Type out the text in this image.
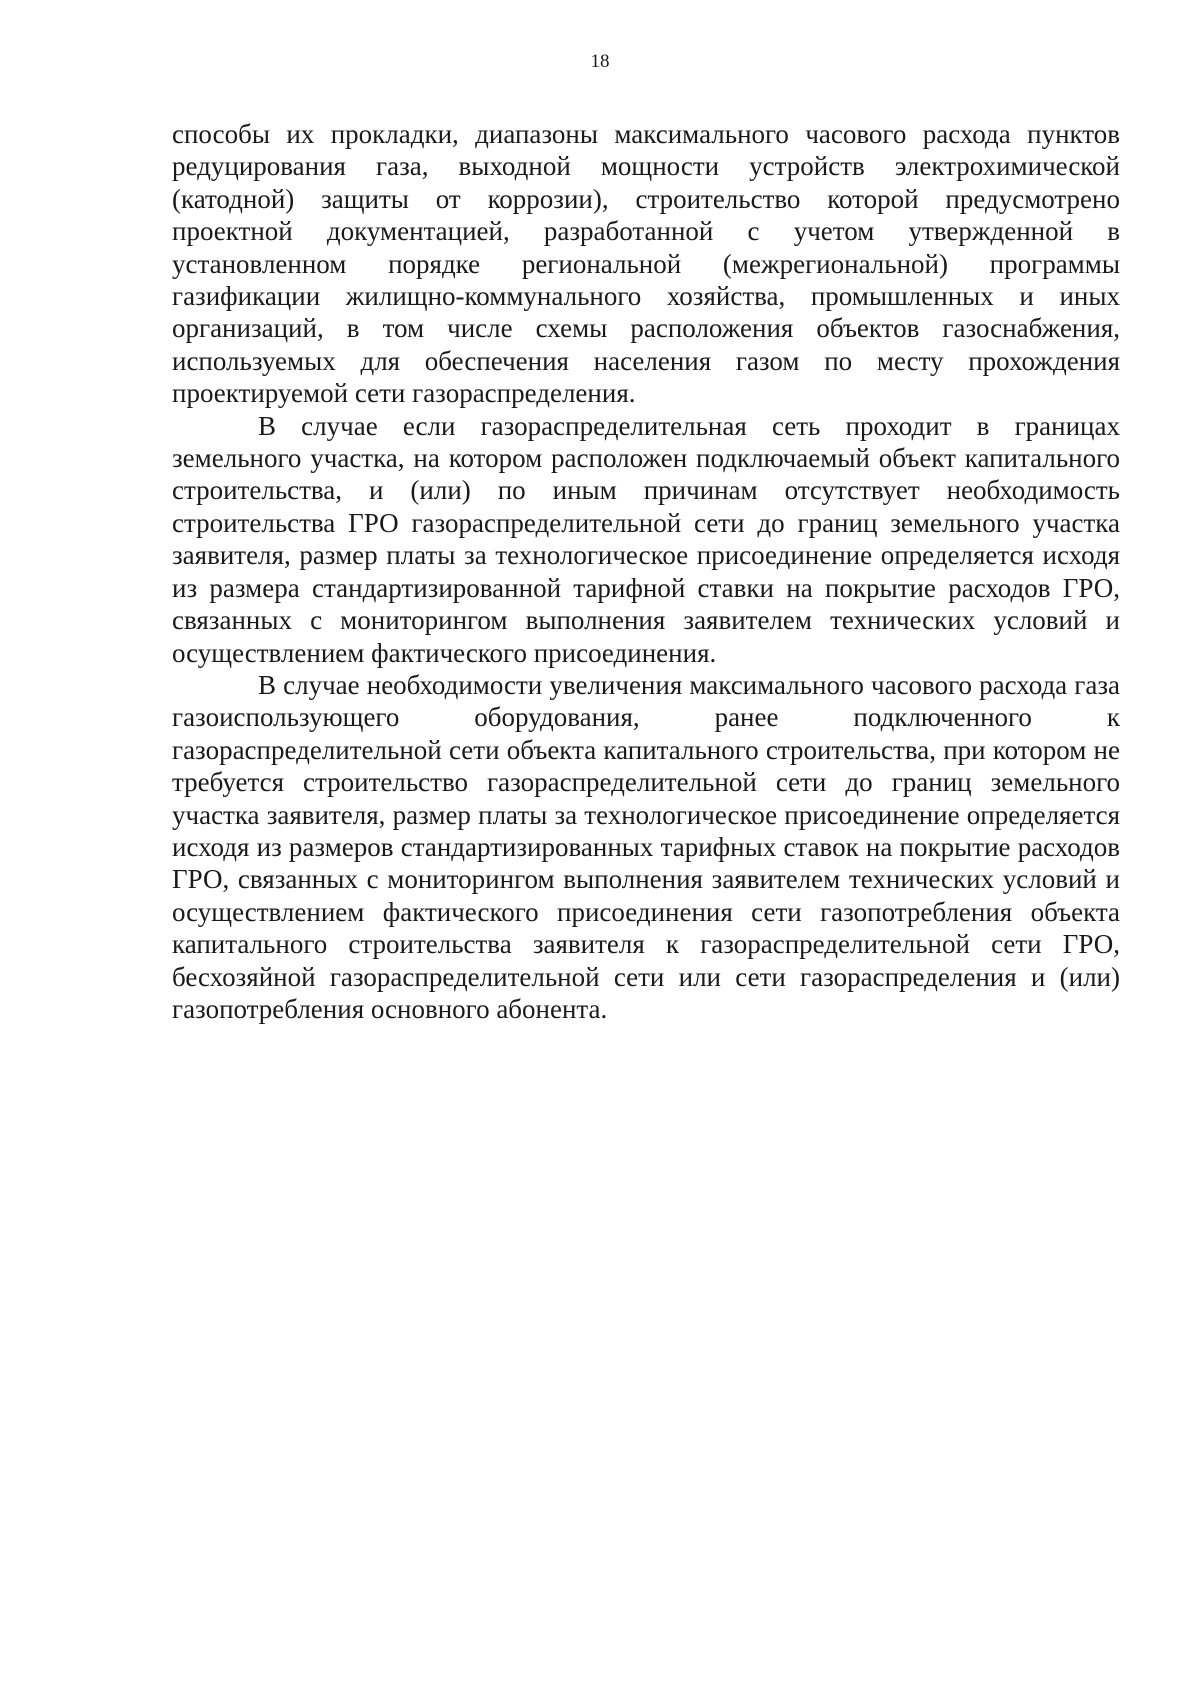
18

способы их прокладки, диапазоны максимального часового расхода пунктов редуцирования газа, выходной мощности устройств электрохимической (катодной) защиты от коррозии), строительство которой предусмотрено проектной документацией, разработанной с учетом утвержденной в установленном порядке региональной (межрегиональной) программы газификации жилищно-коммунального хозяйства, промышленных и иных организаций, в том числе схемы расположения объектов газоснабжения, используемых для обеспечения населения газом по месту прохождения проектируемой сети газораспределения.

В случае если газораспределительная сеть проходит в границах земельного участка, на котором расположен подключаемый объект капитального строительства, и (или) по иным причинам отсутствует необходимость строительства ГРО газораспределительной сети до границ земельного участка заявителя, размер платы за технологическое присоединение определяется исходя из размера стандартизированной тарифной ставки на покрытие расходов ГРО, связанных с мониторингом выполнения заявителем технических условий и осуществлением фактического присоединения.

В случае необходимости увеличения максимального часового расхода газа газоиспользующего оборудования, ранее подключенного к газораспределительной сети объекта капитального строительства, при котором не требуется строительство газораспределительной сети до границ земельного участка заявителя, размер платы за технологическое присоединение определяется исходя из размеров стандартизированных тарифных ставок на покрытие расходов ГРО, связанных с мониторингом выполнения заявителем технических условий и осуществлением фактического присоединения сети газопотребления объекта капитального строительства заявителя к газораспределительной сети ГРО, бесхозяйной газораспределительной сети или сети газораспределения и (или) газопотребления основного абонента.
